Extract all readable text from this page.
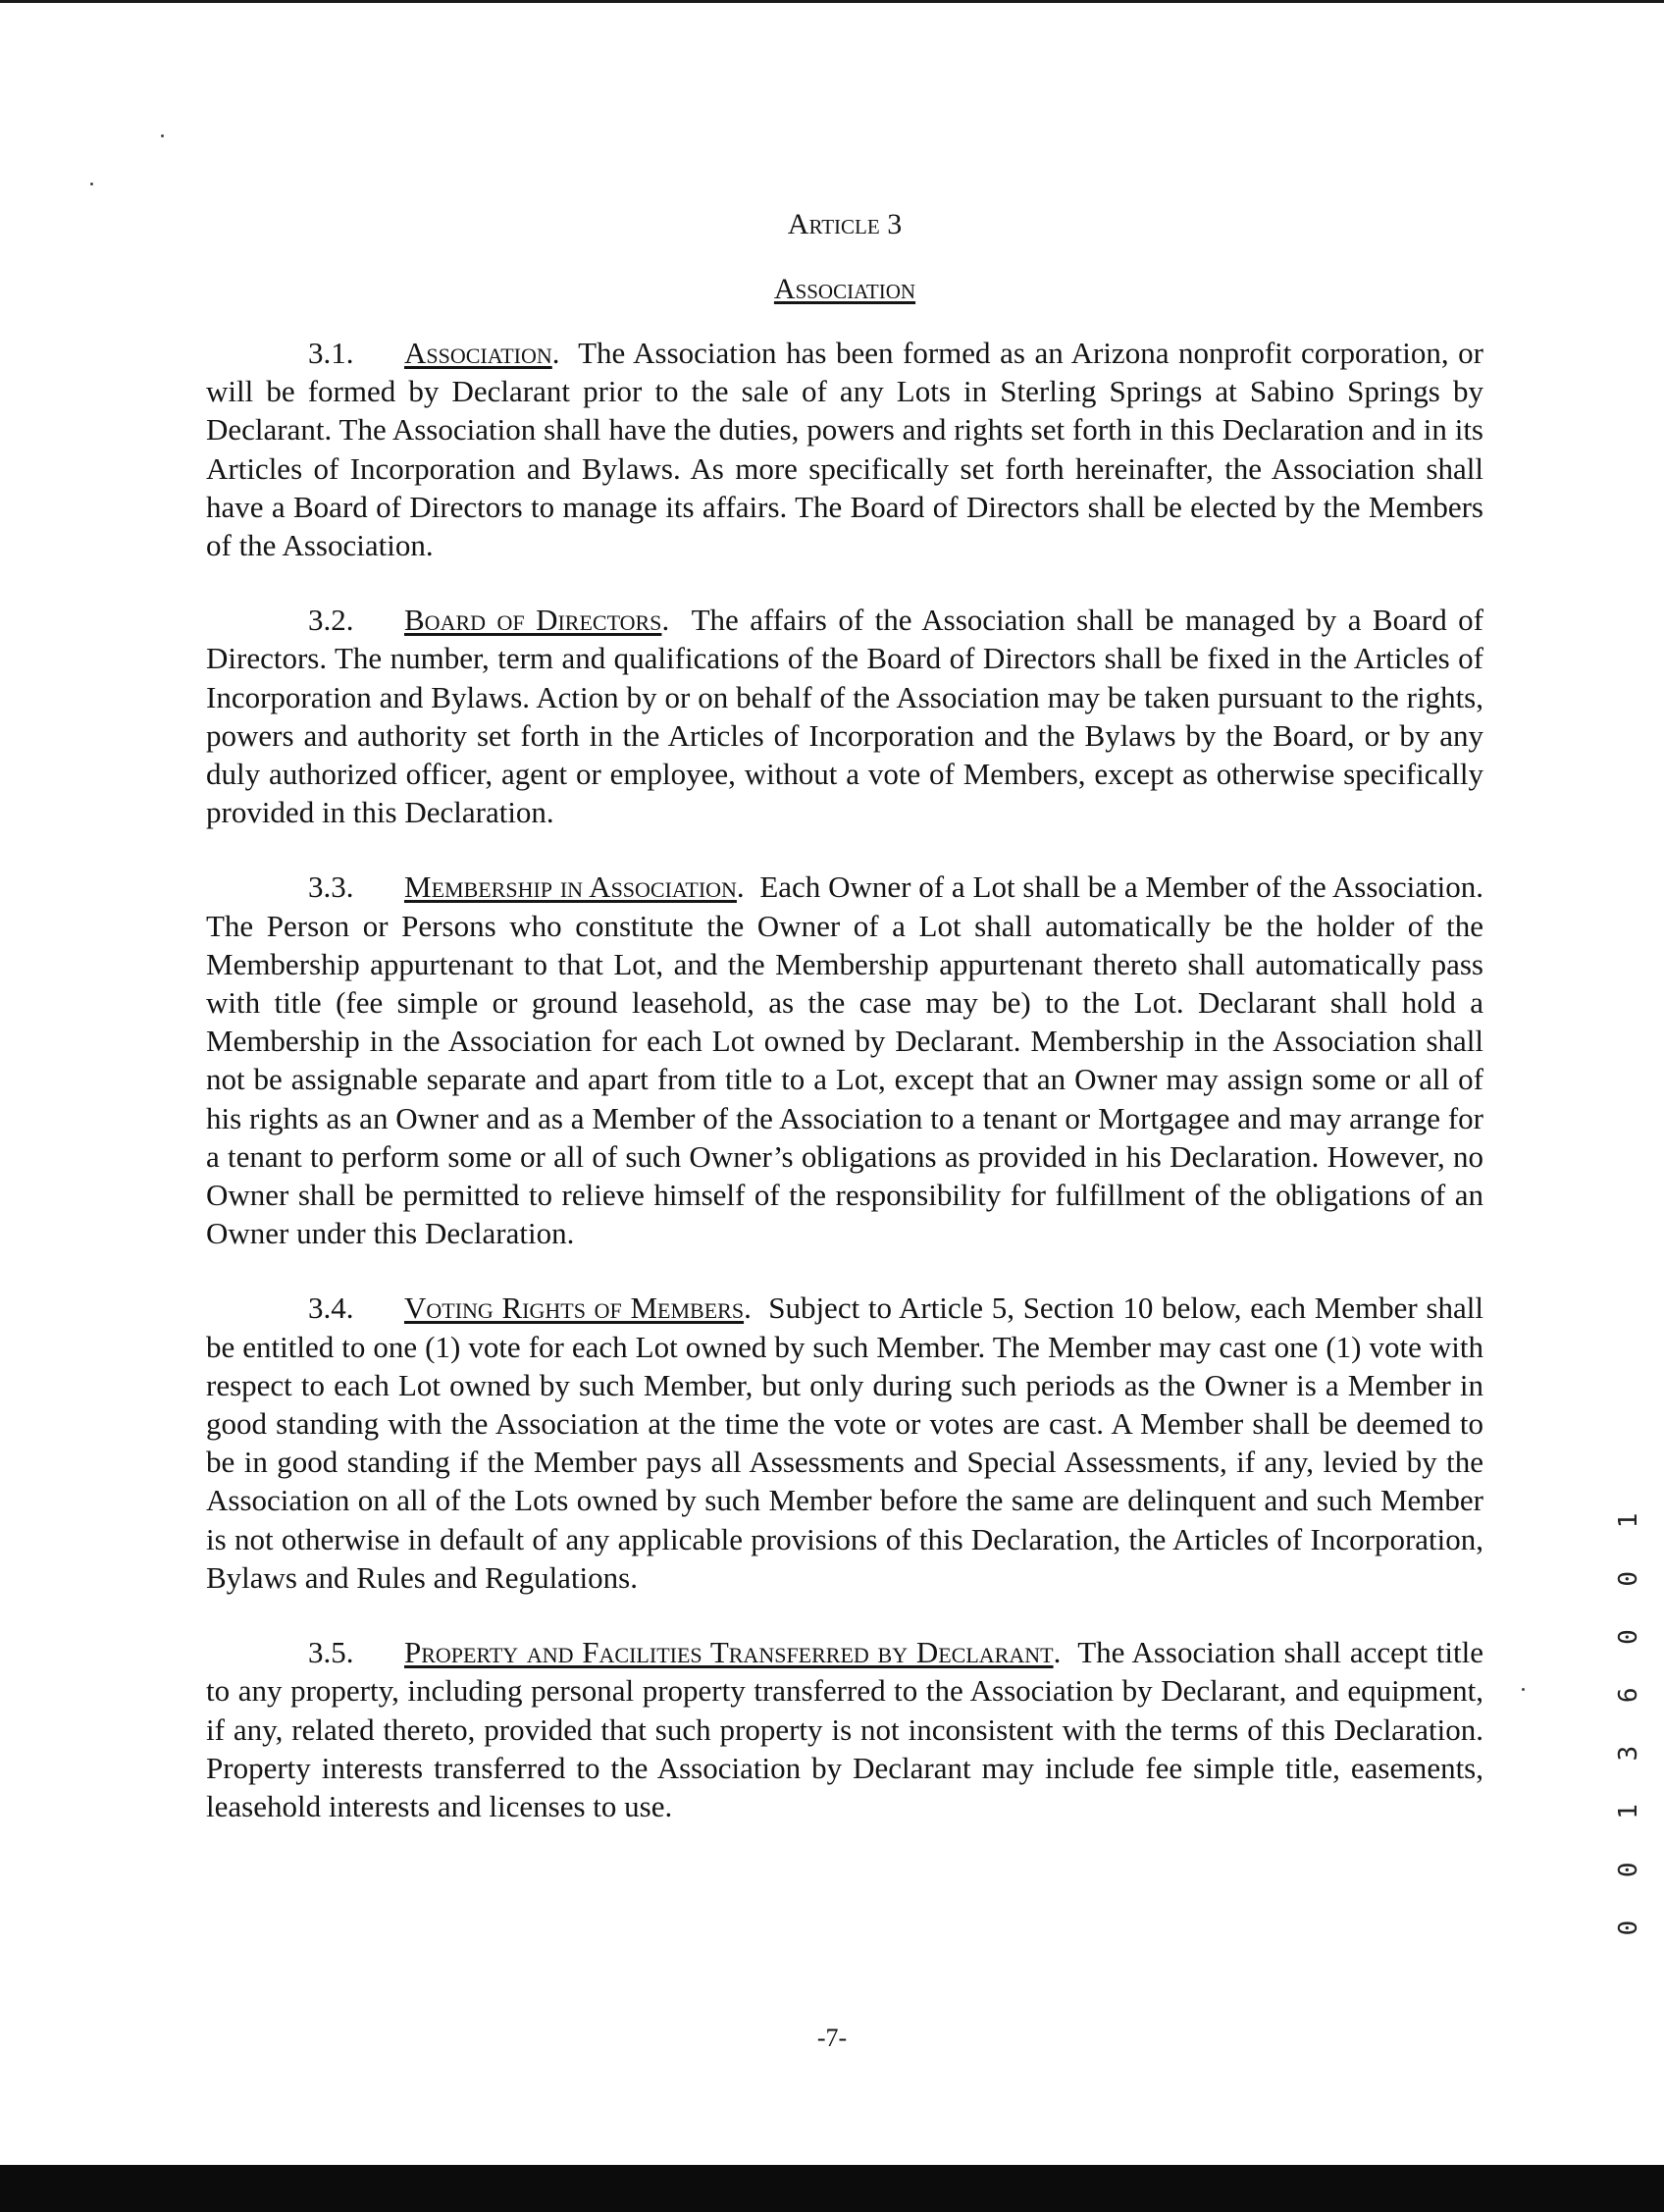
Article 3
Association

3.1. Association.  The Association has been formed as an Arizona nonprofit corporation, or will be formed by Declarant prior to the sale of any Lots in Sterling Springs at Sabino Springs by Declarant. The Association shall have the duties, powers and rights set forth in this Declaration and in its Articles of Incorporation and Bylaws. As more specifically set forth hereinafter, the Association shall have a Board of Directors to manage its affairs. The Board of Directors shall be elected by the Members of the Association.

3.2. Board of Directors.  The affairs of the Association shall be managed by a Board of Directors. The number, term and qualifications of the Board of Directors shall be fixed in the Articles of Incorporation and Bylaws. Action by or on behalf of the Association may be taken pursuant to the rights, powers and authority set forth in the Articles of Incorporation and the Bylaws by the Board, or by any duly authorized officer, agent or employee, without a vote of Members, except as otherwise specifically provided in this Declaration.

3.3. Membership in Association.  Each Owner of a Lot shall be a Member of the Association. The Person or Persons who constitute the Owner of a Lot shall automatically be the holder of the Membership appurtenant to that Lot, and the Membership appurtenant thereto shall automatically pass with title (fee simple or ground leasehold, as the case may be) to the Lot. Declarant shall hold a Membership in the Association for each Lot owned by Declarant. Membership in the Association shall not be assignable separate and apart from title to a Lot, except that an Owner may assign some or all of his rights as an Owner and as a Member of the Association to a tenant or Mortgagee and may arrange for a tenant to perform some or all of such Owner’s obligations as provided in his Declaration. However, no Owner shall be permitted to relieve himself of the responsibility for fulfillment of the obligations of an Owner under this Declaration.

3.4. Voting Rights of Members.  Subject to Article 5, Section 10 below, each Member shall be entitled to one (1) vote for each Lot owned by such Member. The Member may cast one (1) vote with respect to each Lot owned by such Member, but only during such periods as the Owner is a Member in good standing with the Association at the time the vote or votes are cast. A Member shall be deemed to be in good standing if the Member pays all Assessments and Special Assessments, if any, levied by the Association on all of the Lots owned by such Member before the same are delinquent and such Member is not otherwise in default of any applicable provisions of this Declaration, the Articles of Incorporation, Bylaws and Rules and Regulations.

3.5. Property and Facilities Transferred by Declarant.  The Association shall accept title to any property, including personal property transferred to the Association by Declarant, and equipment, if any, related thereto, provided that such property is not inconsistent with the terms of this Declaration. Property interests transferred to the Association by Declarant may include fee simple title, easements, leasehold interests and licenses to use.

-7-
0 0 1 3 6 0 0 1
